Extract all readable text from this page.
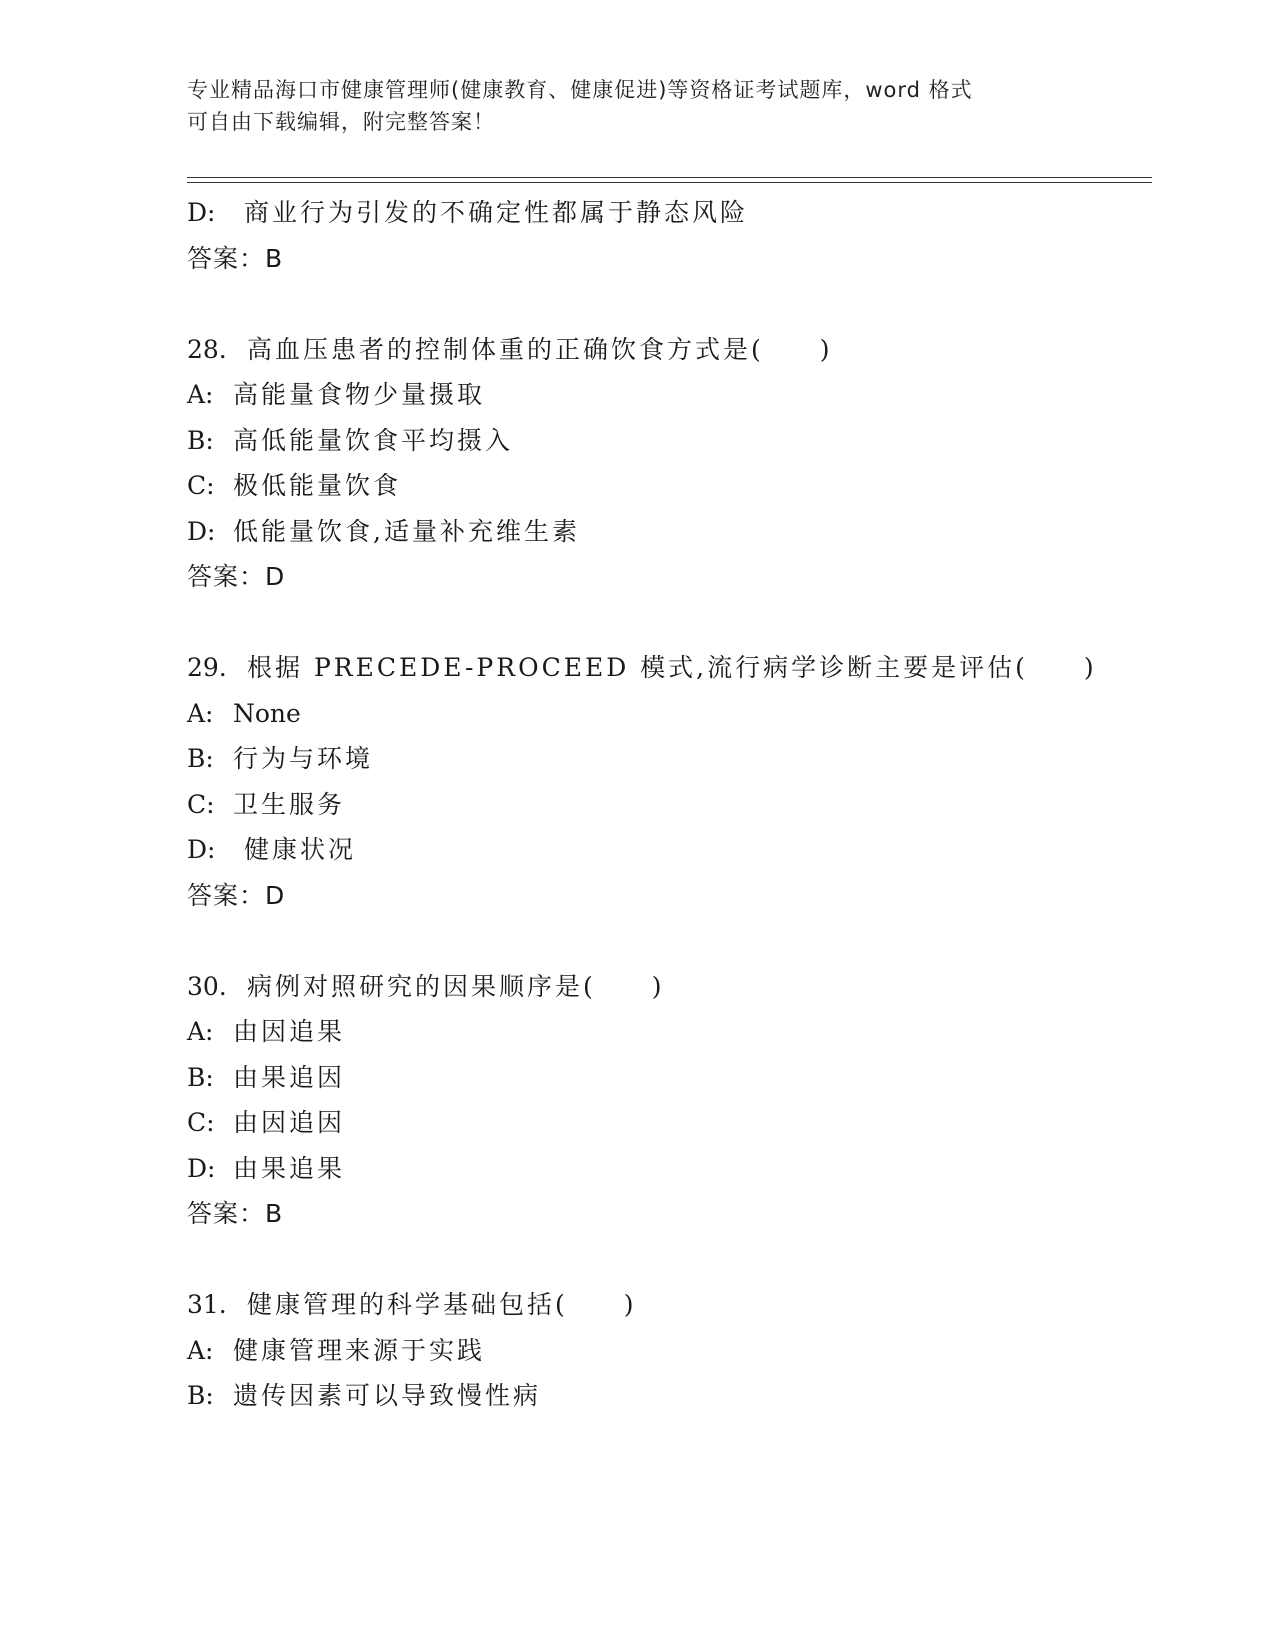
专业精品海口市健康管理师(健康教育、健康促进)等资格证考试题库，word 格式
可自由下载编辑，附完整答案！
D: 商业行为引发的不确定性都属于静态风险
答案：B
28. 高血压患者的控制体重的正确饮食方式是(　　)
A: 高能量食物少量摄取
B: 高低能量饮食平均摄入
C: 极低能量饮食
D: 低能量饮食,适量补充维生素
答案：D
29. 根据 PRECEDE-PROCEED 模式,流行病学诊断主要是评估(　　)
A: None
B: 行为与环境
C: 卫生服务
D: 健康状况
答案：D
30. 病例对照研究的因果顺序是(　　)
A: 由因追果
B: 由果追因
C: 由因追因
D: 由果追果
答案：B
31. 健康管理的科学基础包括(　　)
A: 健康管理来源于实践
B: 遗传因素可以导致慢性病
